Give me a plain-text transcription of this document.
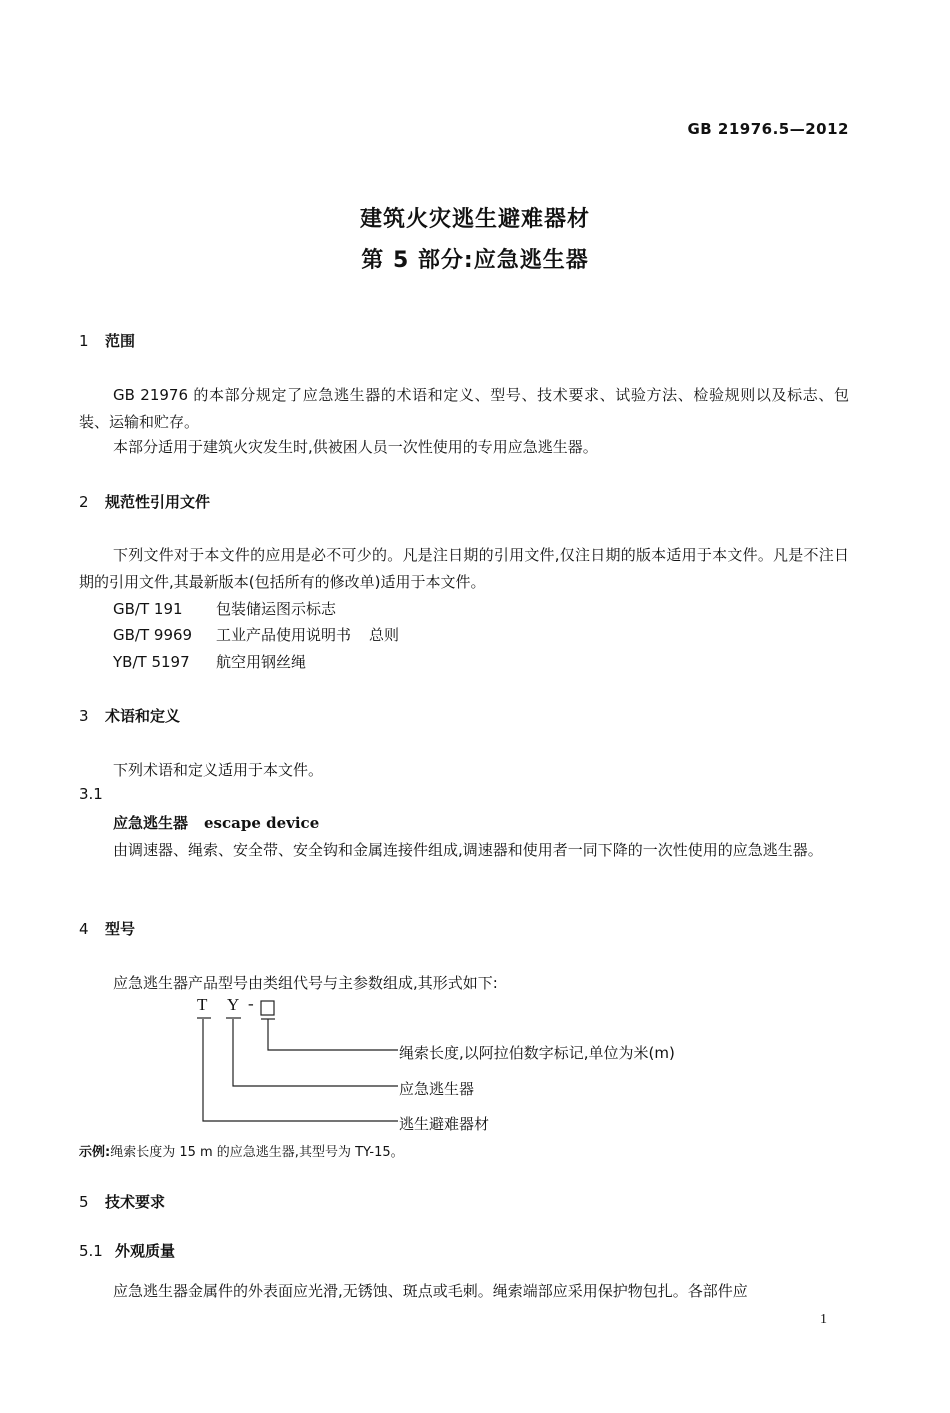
GB 21976.5—2012
建筑火灾逃生避难器材
第 5 部分:应急逃生器
1 范围
GB 21976 的本部分规定了应急逃生器的术语和定义、型号、技术要求、试验方法、检验规则以及标志、包装、运输和贮存。
本部分适用于建筑火灾发生时,供被困人员一次性使用的专用应急逃生器。
2 规范性引用文件
下列文件对于本文件的应用是必不可少的。凡是注日期的引用文件,仅注日期的版本适用于本文件。凡是不注日期的引用文件,其最新版本(包括所有的修改单)适用于本文件。
GB/T 191 包装储运图示标志
GB/T 9969 工业产品使用说明书 总则
YB/T 5197 航空用钢丝绳
3 术语和定义
下列术语和定义适用于本文件。
3.1
应急逃生器 escape device
由调速器、绳索、安全带、安全钩和金属连接件组成,调速器和使用者一同下降的一次性使用的应急逃生器。
4 型号
应急逃生器产品型号由类组代号与主参数组成,其形式如下:
T Y -
绳索长度,以阿拉伯数字标记,单位为米(m)
应急逃生器
逃生避难器材
示例:绳索长度为 15 m 的应急逃生器,其型号为 TY-15。
5 技术要求
5.1 外观质量
应急逃生器金属件的外表面应光滑,无锈蚀、斑点或毛刺。绳索端部应采用保护物包扎。各部件应
1
